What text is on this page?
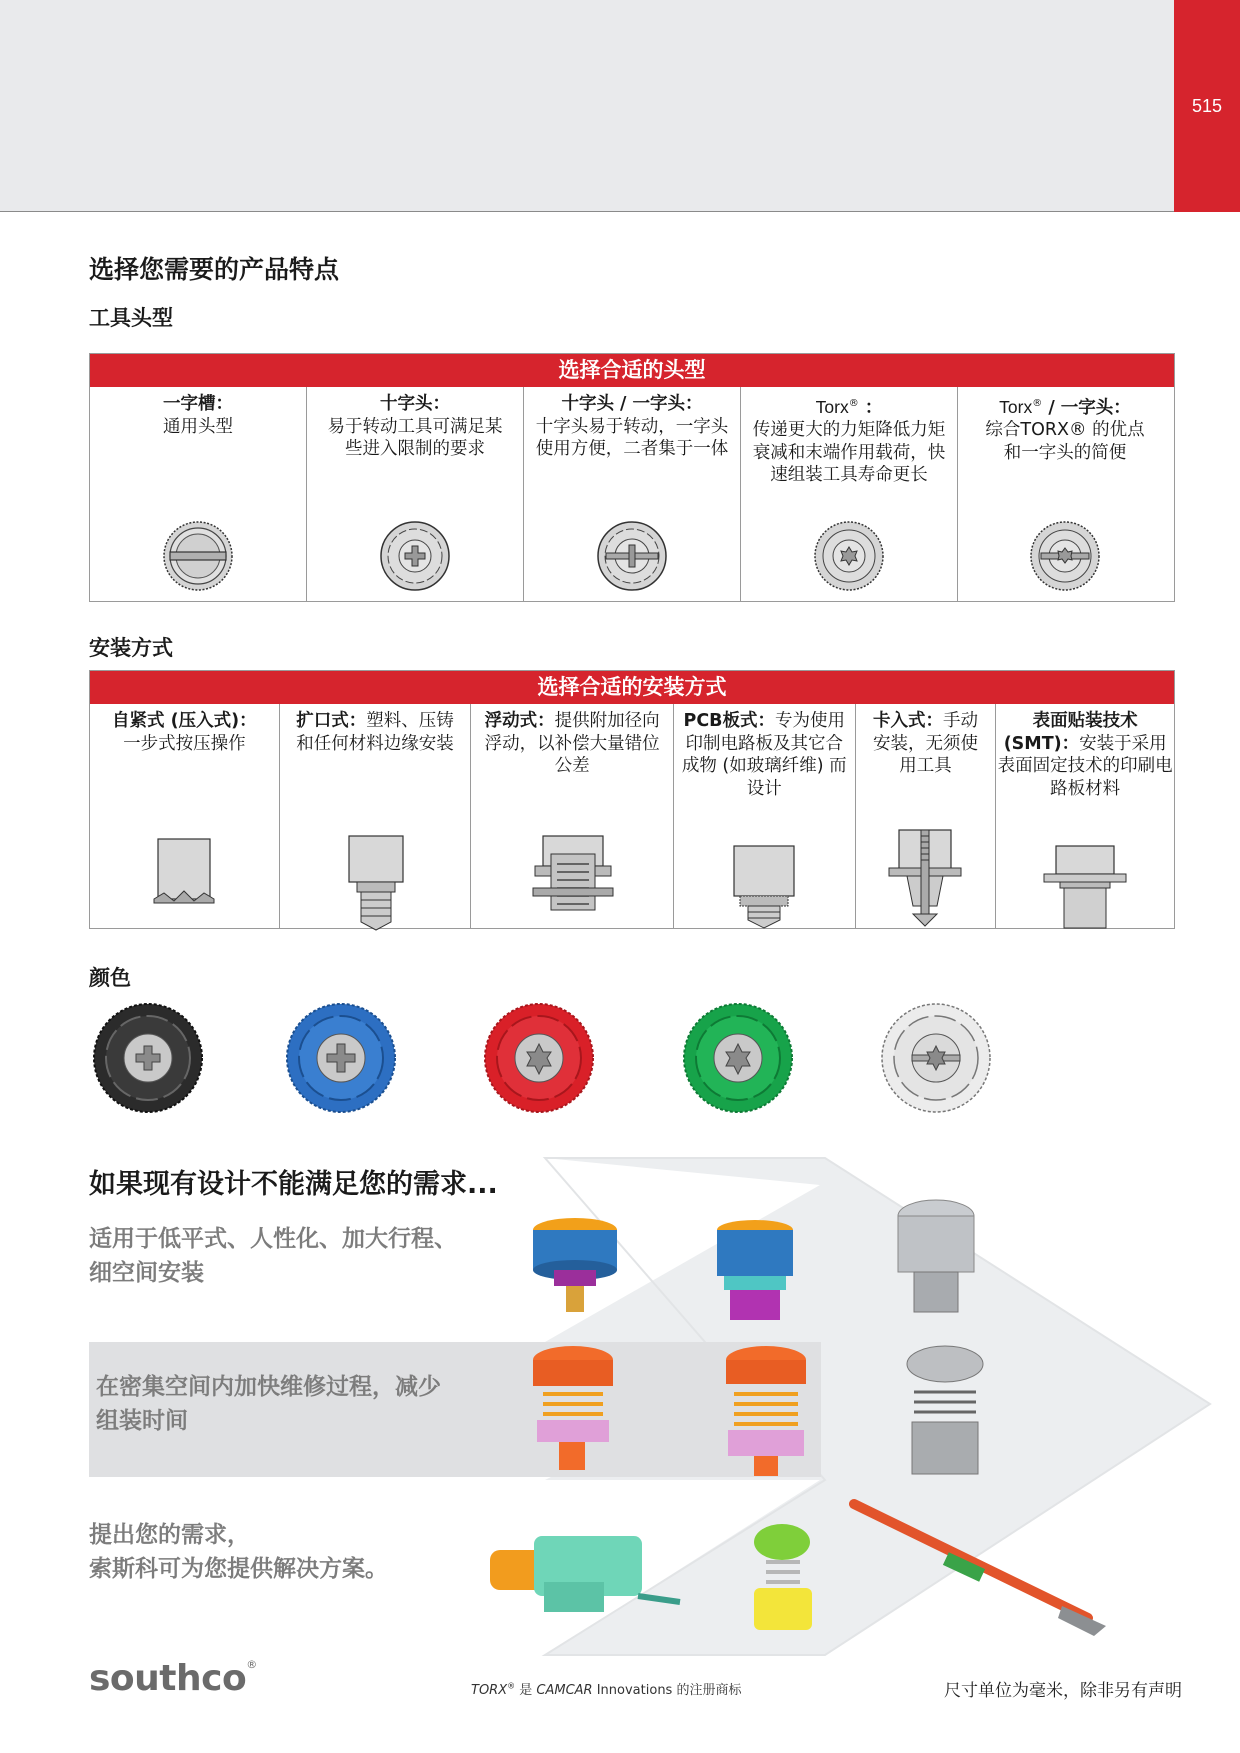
515
选择您需要的产品特点
工具头型
选择合适的头型
一字槽：
通用头型
十字头：
易于转动工具可满足某些进入限制的要求
十字头 / 一字头：
十字头易于转动，一字头使用方便，二者集于一体
Torx® ：
传递更大的力矩降低力矩衰减和末端作用载荷，快速组装工具寿命更长
Torx® / 一字头：
综合TORX® 的优点和一字头的简便
安装方式
选择合适的安装方式
自紧式 (压入式)：
一步式按压操作
扩口式：塑料、压铸和任何材料边缘安装
浮动式：提供附加径向浮动，以补偿大量错位公差
PCB板式：专为使用印制电路板及其它合成物 (如玻璃纤维) 而设计
卡入式：手动安装，无须使用工具
表面贴装技术 (SMT)：安装于采用表面固定技术的印刷电路板材料
颜色
如果现有设计不能满足您的需求...
适用于低平式、人性化、加大行程、
细空间安装
在密集空间内加快维修过程，减少
组装时间
提出您的需求，
索斯科可为您提供解决方案。
southco®
TORX® 是 CAMCAR Innovations 的注册商标	尺寸单位为毫米，除非另有声明
